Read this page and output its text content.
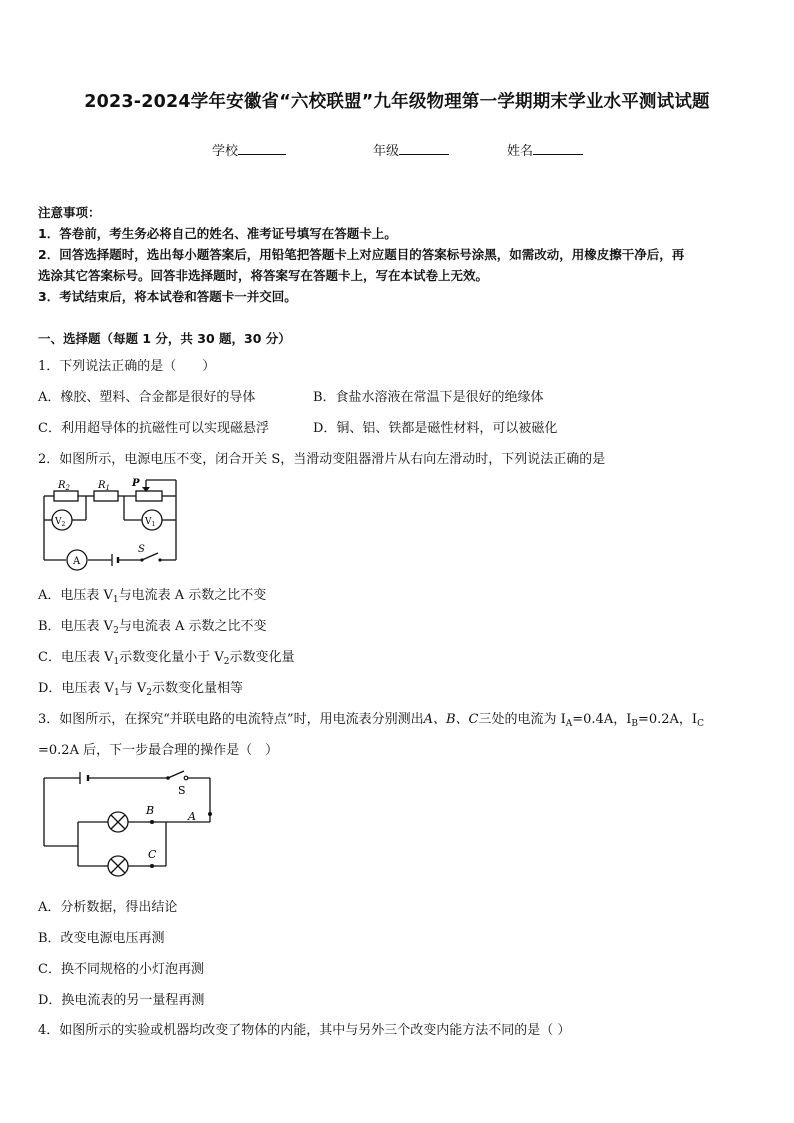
2023-2024学年安徽省“六校联盟”九年级物理第一学期期末学业水平测试试题
学校	年级	姓名
注意事项：
1．答卷前，考生务必将自己的姓名、准考证号填写在答题卡上。
2．回答选择题时，选出每小题答案后，用铅笔把答题卡上对应题目的答案标号涂黑，如需改动，用橡皮擦干净后，再
选涂其它答案标号。回答非选择题时，将答案写在答题卡上，写在本试卷上无效。
3．考试结束后，将本试卷和答题卡一并交回。
一、选择题（每题 1 分，共 30 题，30 分）
1．下列说法正确的是（　　）
A．橡胶、塑料、合金都是很好的导体	B．食盐水溶液在常温下是很好的绝缘体
C．利用超导体的抗磁性可以实现磁悬浮	D．铜、铝、铁都是磁性材料，可以被磁化
2．如图所示，电源电压不变，闭合开关 S，当滑动变阻器滑片从右向左滑动时，下列说法正确的是
$R_2$	$R_1$ P
$V_2$	$V_1$
A
S
A．电压表 $V_1$与电流表 A 示数之比不变
B．电压表 $V_2$与电流表 A 示数之比不变
C．电压表 $V_1$示数变化量小于 $V_2$示数变化量
D．电压表 $V_1$与 $V_2$示数变化量相等
3．如图所示，在探究“并联电路的电流特点”时，用电流表分别测出A、B、C三处的电流为 $I_A=0.4A$，$I_B=0.2A$，$I_C$
=0.2A 后，下一步最合理的操作是（　）
B	A
C
S
A．分析数据，得出结论
B．改变电源电压再测
C．换不同规格的小灯泡再测
D．换电流表的另一量程再测
4．如图所示的实验或机器均改变了物体的内能，其中与另外三个改变内能方法不同的是（ ）
